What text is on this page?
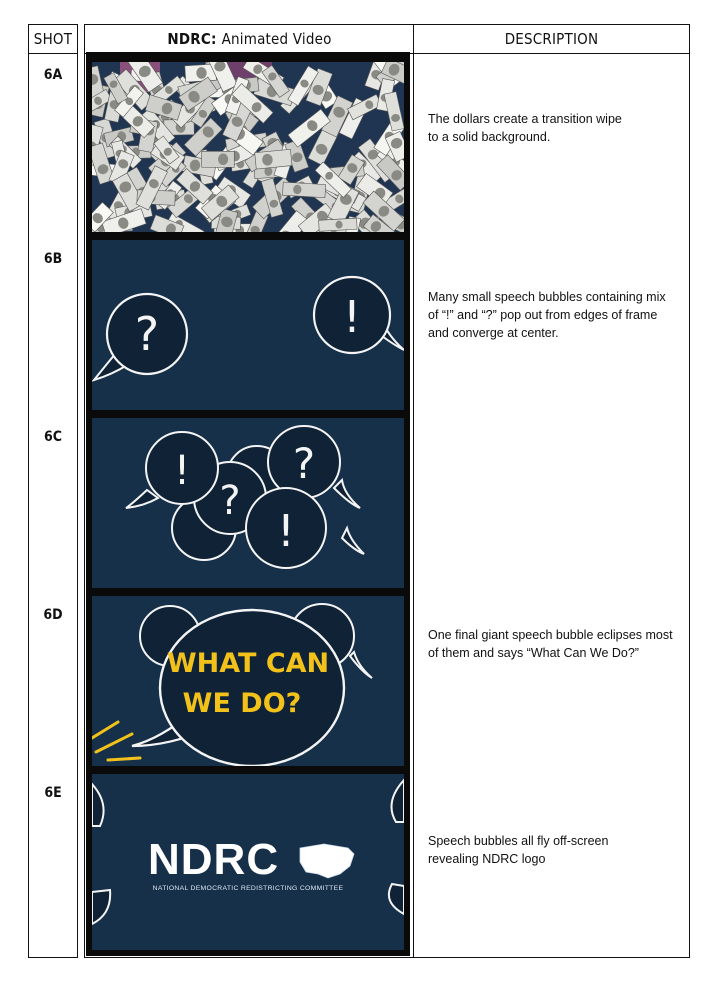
SHOT
6A
6B
6C
6D
6E
NDRC: Animated Video	DESCRIPTION
?	!
! ?
?
!
WHAT CAN
WE DO?
NDRC
NATIONAL DEMOCRATIC REDISTRICTING COMMITTEE
The dollars create a transition wipe
to a solid background.
Many small speech bubbles containing mix
of “!” and “?” pop out from edges of frame
and converge at center.
One final giant speech bubble eclipses most
of them and says “What Can We Do?”
Speech bubbles all fly off-screen
revealing NDRC logo
